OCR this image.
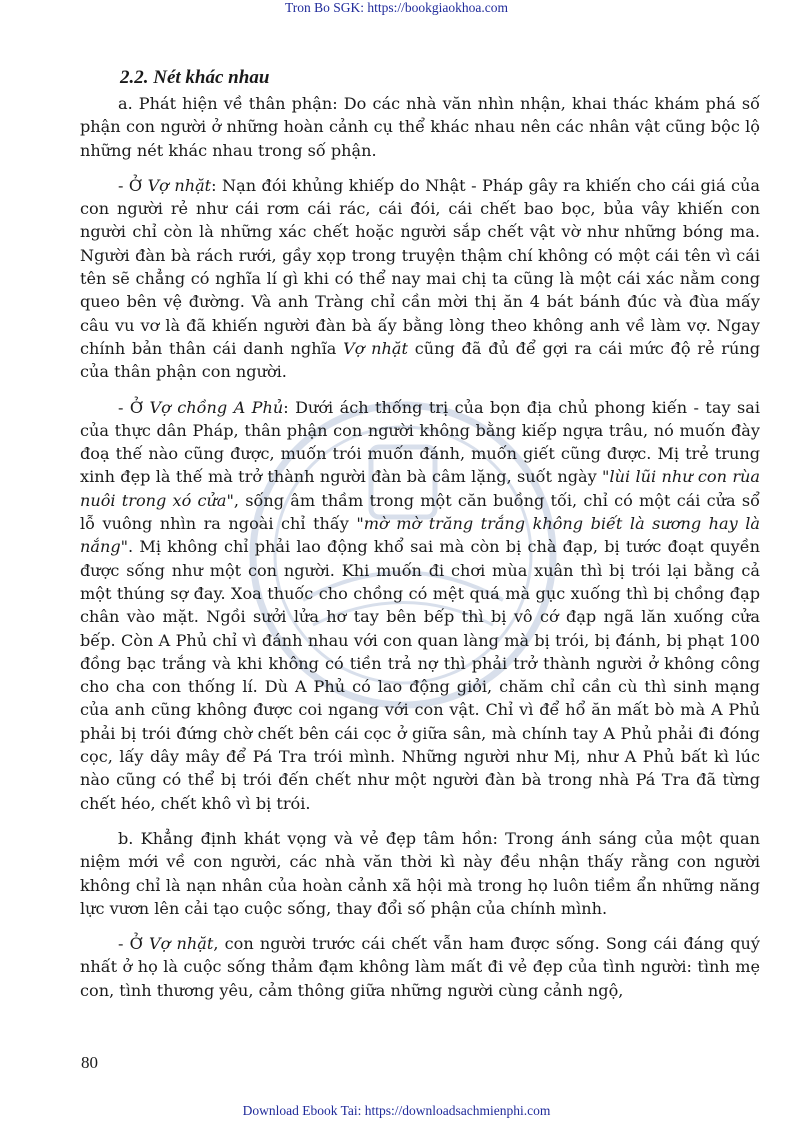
Tron Bo SGK: https://bookgiaokhoa.com
2.2. Nét khác nhau

a. Phát hiện về thân phận: Do các nhà văn nhìn nhận, khai thác khám phá số phận con người ở những hoàn cảnh cụ thể khác nhau nên các nhân vật cũng bộc lộ những nét khác nhau trong số phận.

- Ở Vợ nhặt: Nạn đói khủng khiếp do Nhật - Pháp gây ra khiến cho cái giá của con người rẻ như cái rơm cái rác, cái đói, cái chết bao bọc, bủa vây khiến con người chỉ còn là những xác chết hoặc người sắp chết vật vờ như những bóng ma. Người đàn bà rách rưới, gầy xọp trong truyện thậm chí không có một cái tên vì cái tên sẽ chẳng có nghĩa lí gì khi có thể nay mai chị ta cũng là một cái xác nằm cong queo bên vệ đường. Và anh Tràng chỉ cần mời thị ăn 4 bát bánh đúc và đùa mấy câu vu vơ là đã khiến người đàn bà ấy bằng lòng theo không anh về làm vợ. Ngay chính bản thân cái danh nghĩa Vợ nhặt cũng đã đủ để gợi ra cái mức độ rẻ rúng của thân phận con người.

- Ở Vợ chồng A Phủ: Dưới ách thống trị của bọn địa chủ phong kiến - tay sai của thực dân Pháp, thân phận con người không bằng kiếp ngựa trâu, nó muốn đày đoạ thế nào cũng được, muốn trói muốn đánh, muốn giết cũng được. Mị trẻ trung xinh đẹp là thế mà trở thành người đàn bà câm lặng, suốt ngày "lùi lũi như con rùa nuôi trong xó cửa", sống âm thầm trong một căn buồng tối, chỉ có một cái cửa sổ lỗ vuông nhìn ra ngoài chỉ thấy "mờ mờ trăng trắng không biết là sương hay là nắng". Mị không chỉ phải lao động khổ sai mà còn bị chà đạp, bị tước đoạt quyền được sống như một con người. Khi muốn đi chơi mùa xuân thì bị trói lại bằng cả một thúng sợ đay. Xoa thuốc cho chồng có mệt quá mà gục xuống thì bị chồng đạp chân vào mặt. Ngồi sưởi lửa hơ tay bên bếp thì bị vô cớ đạp ngã lăn xuống cửa bếp. Còn A Phủ chỉ vì đánh nhau với con quan làng mà bị trói, bị đánh, bị phạt 100 đồng bạc trắng và khi không có tiền trả nợ thì phải trở thành người ở không công cho cha con thống lí. Dù A Phủ có lao động giỏi, chăm chỉ cần cù thì sinh mạng của anh cũng không được coi ngang với con vật. Chỉ vì để hổ ăn mất bò mà A Phủ phải bị trói đứng chờ chết bên cái cọc ở giữa sân, mà chính tay A Phủ phải đi đóng cọc, lấy dây mây để Pá Tra trói mình. Những người như Mị, như A Phủ bất kì lúc nào cũng có thể bị trói đến chết như một người đàn bà trong nhà Pá Tra đã từng chết héo, chết khô vì bị trói.

b. Khẳng định khát vọng và vẻ đẹp tâm hồn: Trong ánh sáng của một quan niệm mới về con người, các nhà văn thời kì này đều nhận thấy rằng con người không chỉ là nạn nhân của hoàn cảnh xã hội mà trong họ luôn tiềm ẩn những năng lực vươn lên cải tạo cuộc sống, thay đổi số phận của chính mình.

- Ở Vợ nhặt, con người trước cái chết vẫn ham được sống. Song cái đáng quý nhất ở họ là cuộc sống thảm đạm không làm mất đi vẻ đẹp của tình người: tình mẹ con, tình thương yêu, cảm thông giữa những người cùng cảnh ngộ,

80
Download Ebook Tai: https://downloadsachmienphi.com
